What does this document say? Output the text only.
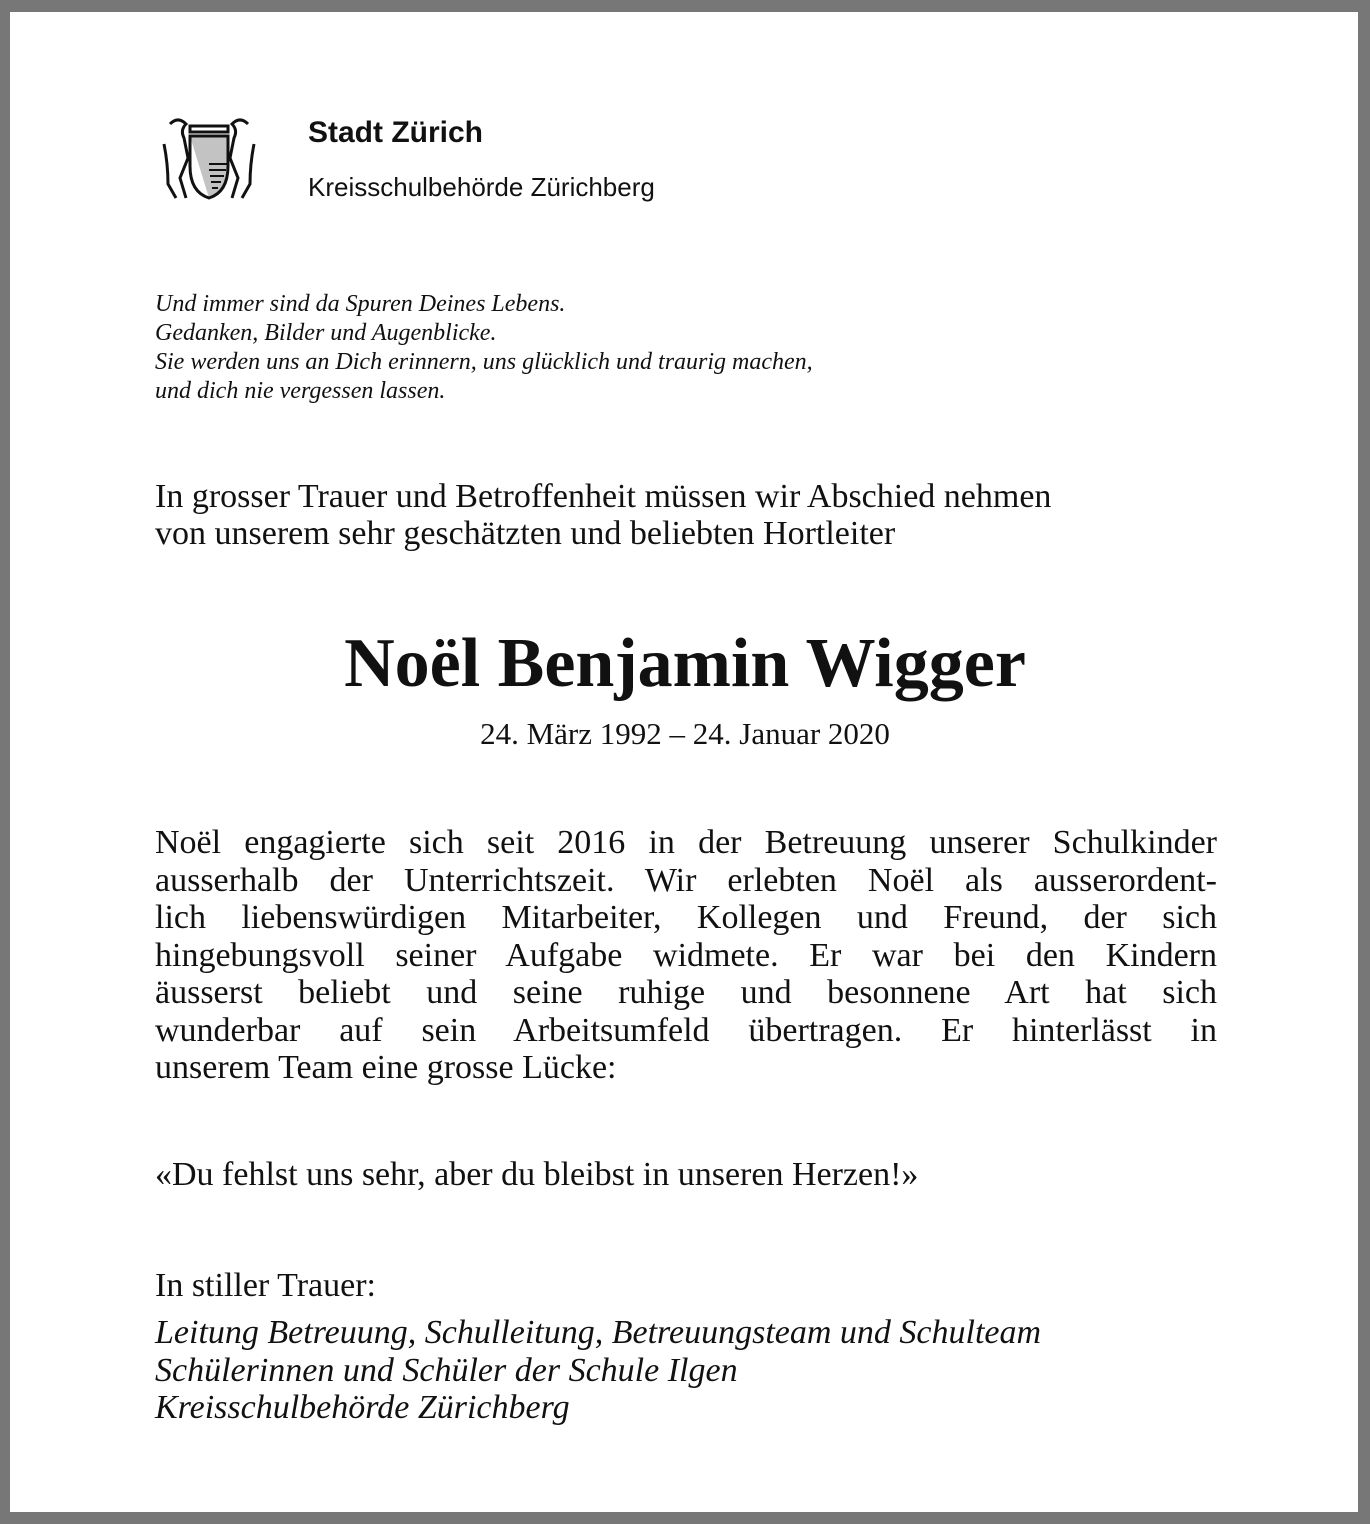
Stadt Zürich
Kreisschulbehörde Zürichberg
Und immer sind da Spuren Deines Lebens.
Gedanken, Bilder und Augenblicke.
Sie werden uns an Dich erinnern, uns glücklich und traurig machen,
und dich nie vergessen lassen.
In grosser Trauer und Betroffenheit müssen wir Abschied nehmen
von unserem sehr geschätzten und beliebten Hortleiter
Noël Benjamin Wigger
24. März 1992 – 24. Januar 2020
Noël engagierte sich seit 2016 in der Betreuung unserer Schulkinder
ausserhalb der Unterrichtszeit. Wir erlebten Noël als ausserordent-
lich liebenswürdigen Mitarbeiter, Kollegen und Freund, der sich
hingebungsvoll seiner Aufgabe widmete. Er war bei den Kindern
äusserst beliebt und seine ruhige und besonnene Art hat sich
wunderbar auf sein Arbeitsumfeld übertragen. Er hinterlässt in
unserem Team eine grosse Lücke:
«Du fehlst uns sehr, aber du bleibst in unseren Herzen!»
In stiller Trauer:
Leitung Betreuung, Schulleitung, Betreuungsteam und Schulteam
Schülerinnen und Schüler der Schule Ilgen
Kreisschulbehörde Zürichberg
